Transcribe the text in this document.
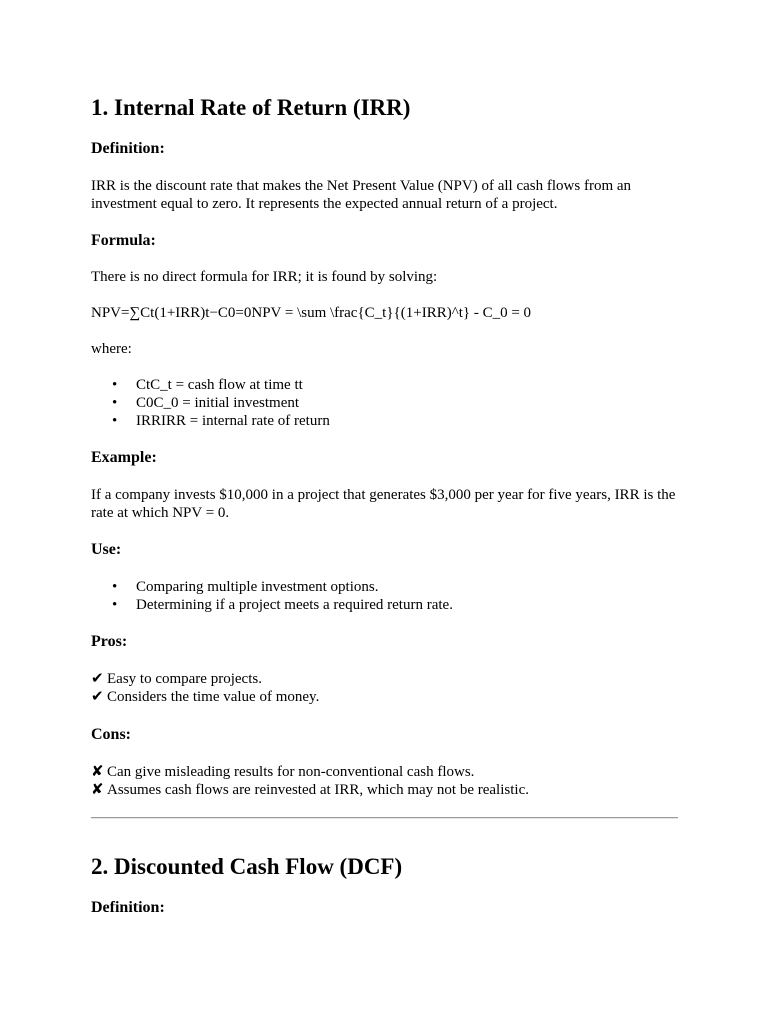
1. Internal Rate of Return (IRR)
Definition:
IRR is the discount rate that makes the Net Present Value (NPV) of all cash flows from an
investment equal to zero. It represents the expected annual return of a project.
Formula:
There is no direct formula for IRR; it is found by solving:
NPV=∑Ct(1+IRR)t−C0=0NPV = \sum \frac{C_t}{(1+IRR)^t} - C_0 = 0
where:
• CtC_t = cash flow at time tt
• C0C_0 = initial investment
• IRRIRR = internal rate of return
Example:
If a company invests $10,000 in a project that generates $3,000 per year for five years, IRR is the
rate at which NPV = 0.
Use:
• Comparing multiple investment options.
• Determining if a project meets a required return rate.
Pros:
✔ Easy to compare projects.
✔ Considers the time value of money.
Cons:
✘ Can give misleading results for non-conventional cash flows.
✘ Assumes cash flows are reinvested at IRR, which may not be realistic.
2. Discounted Cash Flow (DCF)
Definition:
